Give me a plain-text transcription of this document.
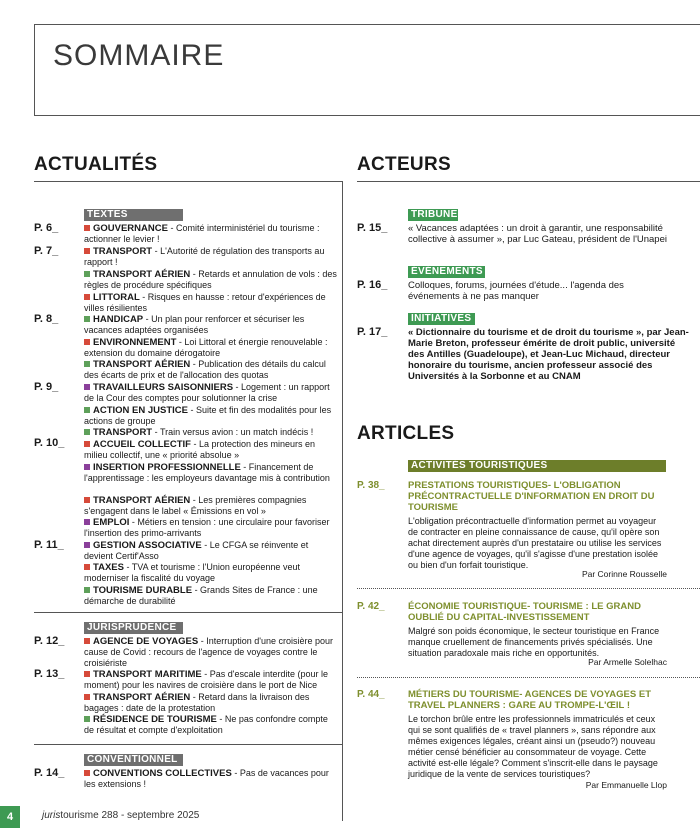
SOMMAIRE
ACTUALITÉS
TEXTES
P. 6_
P. 7_
P. 8_
P. 9_
P. 10_
P. 11_
GOUVERNANCE - Comité interministériel du tourisme : actionner le levier !
TRANSPORT - L'Autorité de régulation des transports au rapport !
TRANSPORT AÉRIEN - Retards et annulation de vols : des règles de procédure spécifiques
LITTORAL - Risques en hausse : retour d'expériences de villes résilientes
HANDICAP - Un plan pour renforcer et sécuriser les vacances adaptées organisées
ENVIRONNEMENT - Loi Littoral et énergie renouvelable : extension du domaine dérogatoire
TRANSPORT AÉRIEN - Publication des détails du calcul des écarts de prix et de l'allocation des quotas
TRAVAILLEURS SAISONNIERS - Logement : un rapport de la Cour des comptes pour solutionner la crise
ACTION EN JUSTICE - Suite et fin des modalités pour les actions de groupe
TRANSPORT - Train versus avion : un match indécis !
ACCUEIL COLLECTIF - La protection des mineurs en milieu collectif, une « priorité absolue »
INSERTION PROFESSIONNELLE - Financement de l'apprentissage : les employeurs davantage mis à contribution
TRANSPORT AÉRIEN - Les premières compagnies s'engagent dans le label « Émissions en vol »
EMPLOI - Métiers en tension : une circulaire pour favoriser l'insertion des primo-arrivants
GESTION ASSOCIATIVE - Le CFGA se réinvente et devient Certif'Asso
TAXES - TVA et tourisme : l'Union européenne veut moderniser la fiscalité du voyage
TOURISME DURABLE - Grands Sites de France : une démarche de durabilité
JURISPRUDENCE
P. 12_
P. 13_
AGENCE DE VOYAGES - Interruption d'une croisière pour cause de Covid : recours de l'agence de voyages contre le croisiériste
TRANSPORT MARITIME - Pas d'escale interdite (pour le moment) pour les navires de croisière dans le port de Nice
TRANSPORT AÉRIEN - Retard dans la livraison des bagages : date de la protestation
RÉSIDENCE DE TOURISME - Ne pas confondre compte de résultat et compte d'exploitation
CONVENTIONNEL
P. 14_	CONVENTIONS COLLECTIVES - Pas de vacances pour les extensions !
ACTEURS
TRIBUNE
P. 15_ « Vacances adaptées : un droit à garantir, une responsabilité collective à assumer », par Luc Gateau, président de l'Unapei
ÉVÉNEMENTS
P. 16_ Colloques, forums, journées d'étude... l'agenda des événements à ne pas manquer
INITIATIVES
P. 17_ « Dictionnaire du tourisme et de droit du tourisme », par Jean-Marie Breton, professeur émérite de droit public, université des Antilles (Guadeloupe), et Jean-Luc Michaud, directeur honoraire du tourisme, ancien professeur associé des Universités à la Sorbonne et au CNAM
ARTICLES
ACTIVITÉS TOURISTIQUES
P. 38_ PRESTATIONS TOURISTIQUES- L'OBLIGATION PRÉCONTRACTUELLE D'INFORMATION EN DROIT DU TOURISME
L'obligation précontractuelle d'information permet au voyageur de contracter en pleine connaissance de cause, qu'il opère son achat directement auprès d'un prestataire ou utilise les services d'une agence de voyages, qu'il s'agisse d'une prestation isolée ou bien d'un forfait touristique.
Par Corinne Rousselle
P. 42_ ÉCONOMIE TOURISTIQUE- TOURISME : LE GRAND OUBLIÉ DU CAPITAL-INVESTISSEMENT
Malgré son poids économique, le secteur touristique en France manque cruellement de financements privés spécialisés. Une situation paradoxale mais riche en opportunités.
Par Armelle Solelhac
P. 44_ MÉTIERS DU TOURISME- AGENCES DE VOYAGES ET TRAVEL PLANNERS : GARE AU TROMPE-L'ŒIL !
Le torchon brûle entre les professionnels immatriculés et ceux qui se sont qualifiés de « travel planners », sans répondre aux mêmes exigences légales, créant ainsi un (pseudo?) nouveau métier censé bénéficier au consommateur de voyage. Cette activité est-elle légale? Comment s'inscrit-elle dans le paysage juridique de la vente de services touristiques?
Par Emmanuelle Llop
4	juristourisme 288 - septembre 2025
